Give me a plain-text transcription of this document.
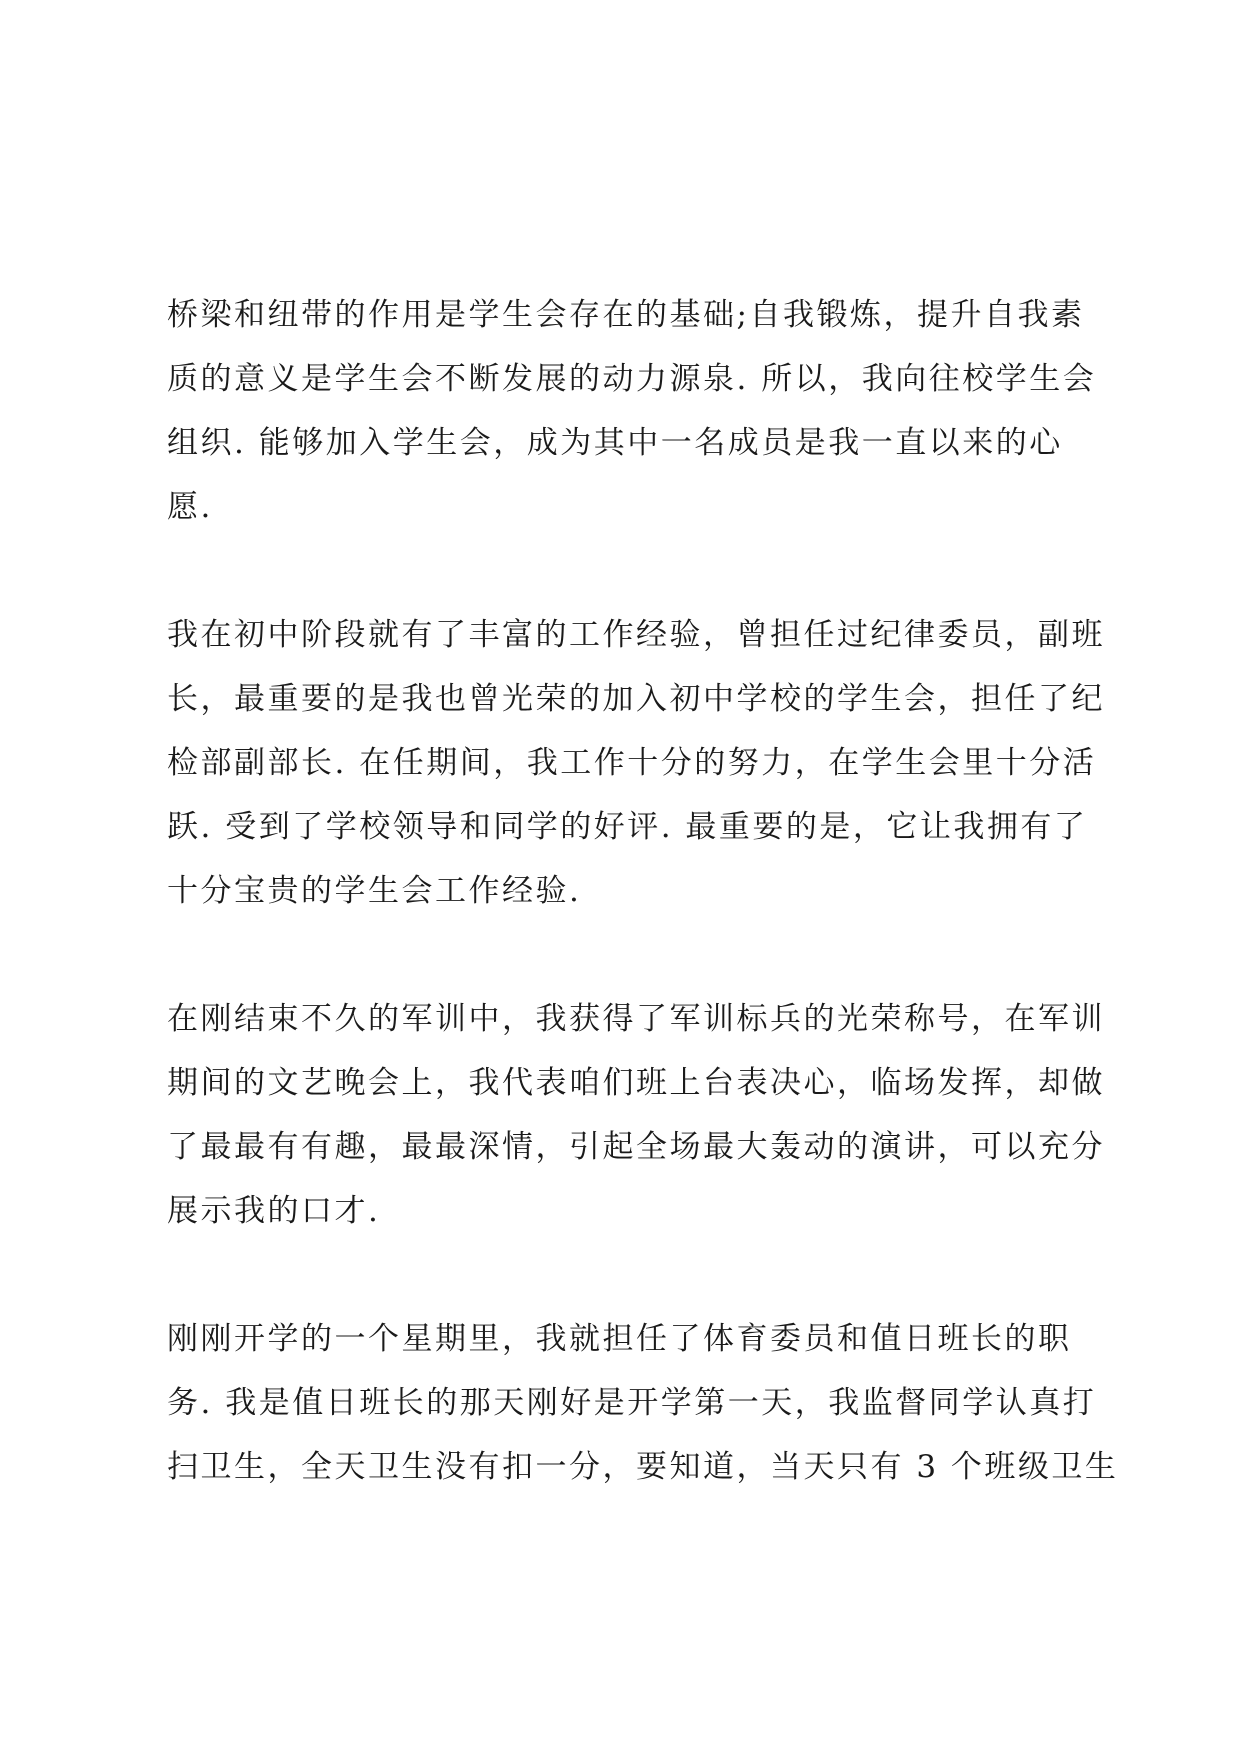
桥梁和纽带的作用是学生会存在的基础;自我锻炼，提升自我素
质的意义是学生会不断发展的动力源泉. 所以，我向往校学生会
组织. 能够加入学生会，成为其中一名成员是我一直以来的心
愿.

我在初中阶段就有了丰富的工作经验，曾担任过纪律委员，副班
长，最重要的是我也曾光荣的加入初中学校的学生会，担任了纪
检部副部长. 在任期间，我工作十分的努力，在学生会里十分活
跃. 受到了学校领导和同学的好评. 最重要的是，它让我拥有了
十分宝贵的学生会工作经验.

在刚结束不久的军训中，我获得了军训标兵的光荣称号，在军训
期间的文艺晚会上，我代表咱们班上台表决心，临场发挥，却做
了最最有有趣，最最深情，引起全场最大轰动的演讲，可以充分
展示我的口才.

刚刚开学的一个星期里，我就担任了体育委员和值日班长的职
务. 我是值日班长的那天刚好是开学第一天，我监督同学认真打
扫卫生，全天卫生没有扣一分，要知道，当天只有 3 个班级卫生
